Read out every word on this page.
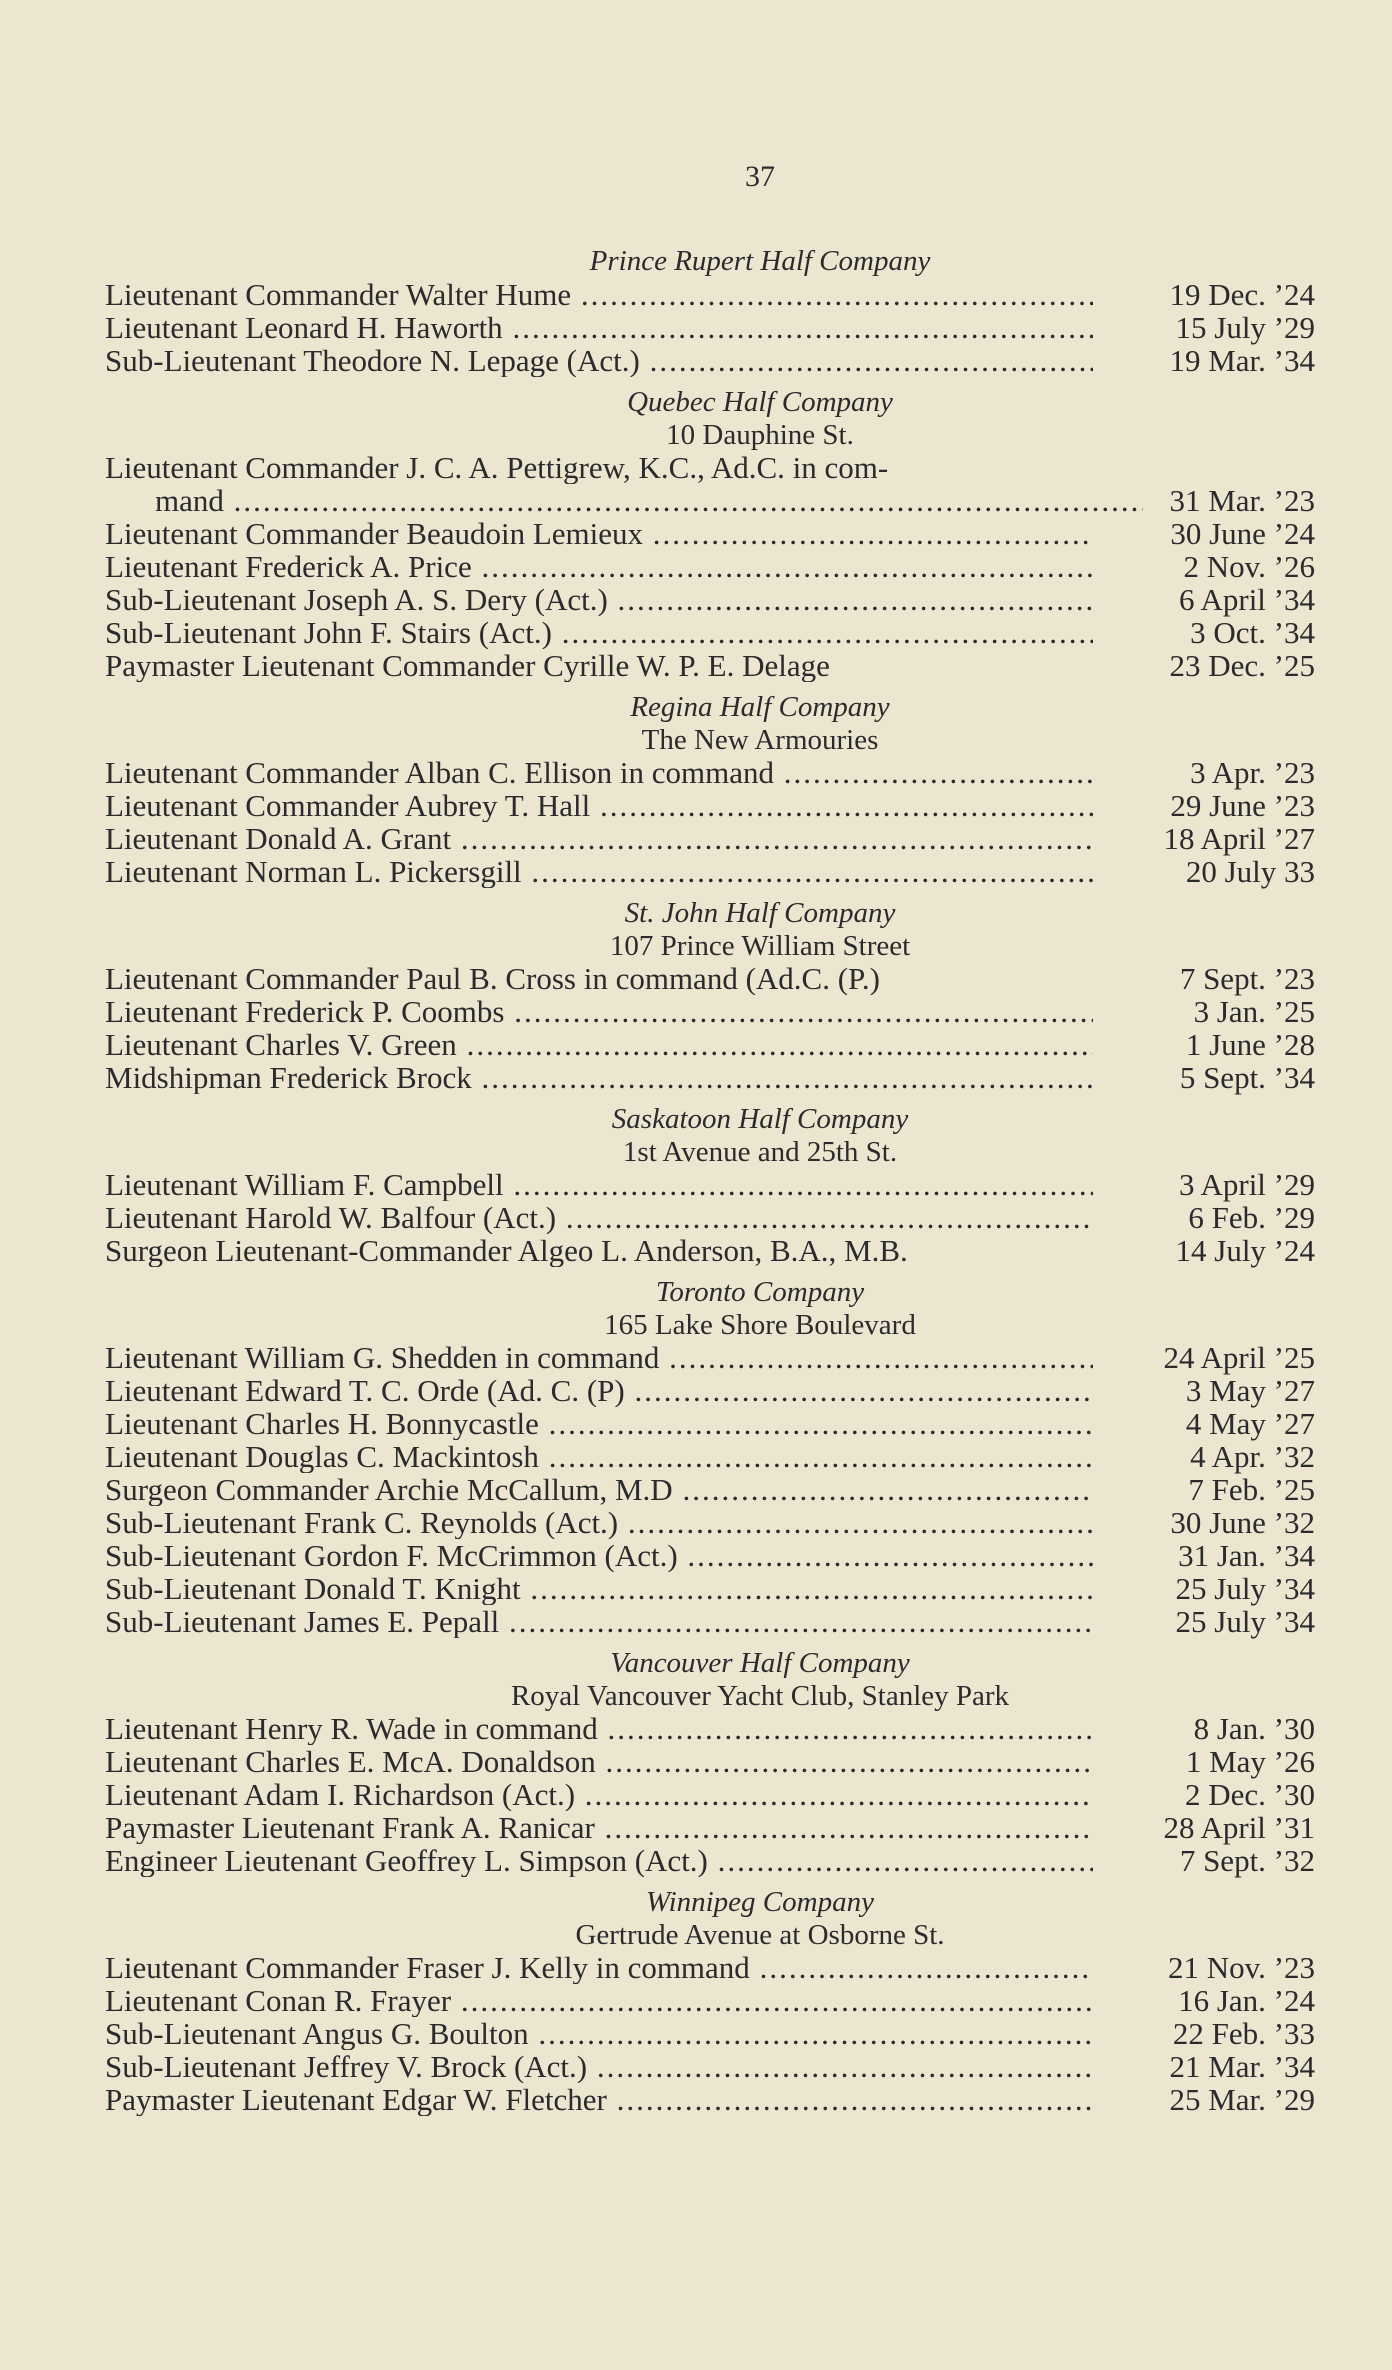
37
Prince Rupert Half Company
Lieutenant Commander Walter Hume .....	19 Dec. ’24
Lieutenant Leonard H. Haworth .....	15 July ’29
Sub-Lieutenant Theodore N. Lepage (Act.) .....	19 Mar. ’34
Quebec Half Company
10 Dauphine St.
Lieutenant Commander J. C. A. Pettigrew, K.C., Ad.C. in com-
mand .....	31 Mar. ’23
Lieutenant Commander Beaudoin Lemieux .....	30 June ’24
Lieutenant Frederick A. Price .....	2 Nov. ’26
Sub-Lieutenant Joseph A. S. Dery (Act.) .....	6 April ’34
Sub-Lieutenant John F. Stairs (Act.) .....	3 Oct. ’34
Paymaster Lieutenant Commander Cyrille W. P. E. Delage	23 Dec. ’25
Regina Half Company
The New Armouries
Lieutenant Commander Alban C. Ellison in command .....	3 Apr. ’23
Lieutenant Commander Aubrey T. Hall .....	29 June ’23
Lieutenant Donald A. Grant .....	18 April ’27
Lieutenant Norman L. Pickersgill .....	20 July 33
St. John Half Company
107 Prince William Street
Lieutenant Commander Paul B. Cross in command (Ad.C. (P.)	7 Sept. ’23
Lieutenant Frederick P. Coombs .....	3 Jan. ’25
Lieutenant Charles V. Green .....	1 June ’28
Midshipman Frederick Brock .....	5 Sept. ’34
Saskatoon Half Company
1st Avenue and 25th St.
Lieutenant William F. Campbell .....	3 April ’29
Lieutenant Harold W. Balfour (Act.) .....	6 Feb. ’29
Surgeon Lieutenant-Commander Algeo L. Anderson, B.A., M.B.	14 July ’24
Toronto Company
165 Lake Shore Boulevard
Lieutenant William G. Shedden in command .....	24 April ’25
Lieutenant Edward T. C. Orde (Ad. C. (P) .....	3 May ’27
Lieutenant Charles H. Bonnycastle .....	4 May ’27
Lieutenant Douglas C. Mackintosh .....	4 Apr. ’32
Surgeon Commander Archie McCallum, M.D .....	7 Feb. ’25
Sub-Lieutenant Frank C. Reynolds (Act.) .....	30 June ’32
Sub-Lieutenant Gordon F. McCrimmon (Act.) .....	31 Jan. ’34
Sub-Lieutenant Donald T. Knight .....	25 July ’34
Sub-Lieutenant James E. Pepall .....	25 July ’34
Vancouver Half Company
Royal Vancouver Yacht Club, Stanley Park
Lieutenant Henry R. Wade in command .....	8 Jan. ’30
Lieutenant Charles E. McA. Donaldson .....	1 May ’26
Lieutenant Adam I. Richardson (Act.) .....	2 Dec. ’30
Paymaster Lieutenant Frank A. Ranicar .....	28 April ’31
Engineer Lieutenant Geoffrey L. Simpson (Act.) .....	7 Sept. ’32
Winnipeg Company
Gertrude Avenue at Osborne St.
Lieutenant Commander Fraser J. Kelly in command .....	21 Nov. ’23
Lieutenant Conan R. Frayer .....	16 Jan. ’24
Sub-Lieutenant Angus G. Boulton .....	22 Feb. ’33
Sub-Lieutenant Jeffrey V. Brock (Act.) .....	21 Mar. ’34
Paymaster Lieutenant Edgar W. Fletcher .....	25 Mar. ’29
